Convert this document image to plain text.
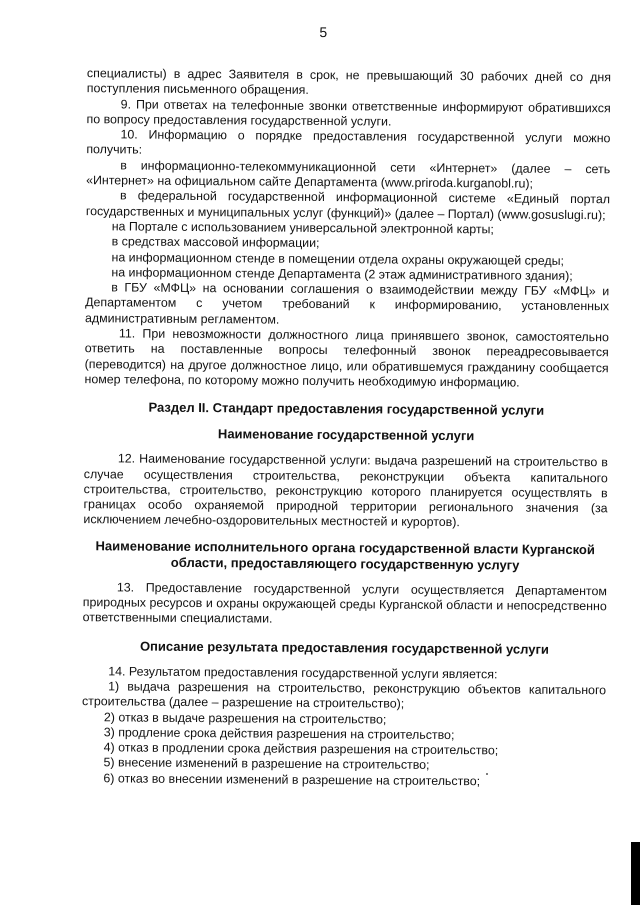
5

специалисты) в адрес Заявителя в срок, не превышающий 30 рабочих дней со дня поступления письменного обращения.

9. При ответах на телефонные звонки ответственные информируют обратившихся по вопросу предоставления государственной услуги.

10. Информацию о порядке предоставления государственной услуги можно получить:

в информационно-телекоммуникационной сети «Интернет» (далее – сеть «Интернет» на официальном сайте Департамента (www.priroda.kurganobl.ru);

в федеральной государственной информационной системе «Единый портал государственных и муниципальных услуг (функций)» (далее – Портал) (www.gosuslugi.ru);

на Портале с использованием универсальной электронной карты;

в средствах массовой информации;

на информационном стенде в помещении отдела охраны окружающей среды;

на информационном стенде Департамента (2 этаж административного здания);

в ГБУ «МФЦ» на основании соглашения о взаимодействии между ГБУ «МФЦ» и Департаментом с учетом требований к информированию, установленных административным регламентом.

11. При невозможности должностного лица принявшего звонок, самостоятельно ответить на поставленные вопросы телефонный звонок переадресовывается (переводится) на другое должностное лицо, или обратившемуся гражданину сообщается номер телефона, по которому можно получить необходимую информацию.

Раздел II. Стандарт предоставления государственной услуги

Наименование государственной услуги

12. Наименование государственной услуги: выдача разрешений на строительство в случае осуществления строительства, реконструкции объекта капитального строительства, строительство, реконструкцию которого планируется осуществлять в границах особо охраняемой природной территории регионального значения (за исключением лечебно-оздоровительных местностей и курортов).

Наименование исполнительного органа государственной власти Курганской области, предоставляющего государственную услугу

13. Предоставление государственной услуги осуществляется Департаментом природных ресурсов и охраны окружающей среды Курганской области и непосредственно ответственными специалистами.

Описание результата предоставления государственной услуги

14. Результатом предоставления государственной услуги является:

1) выдача разрешения на строительство, реконструкцию объектов капитального строительства (далее – разрешение на строительство);

2) отказ в выдаче разрешения на строительство;

3) продление срока действия разрешения на строительство;

4) отказ в продлении срока действия разрешения на строительство;

5) внесение изменений в разрешение на строительство;

6) отказ во внесении изменений в разрешение на строительство;
